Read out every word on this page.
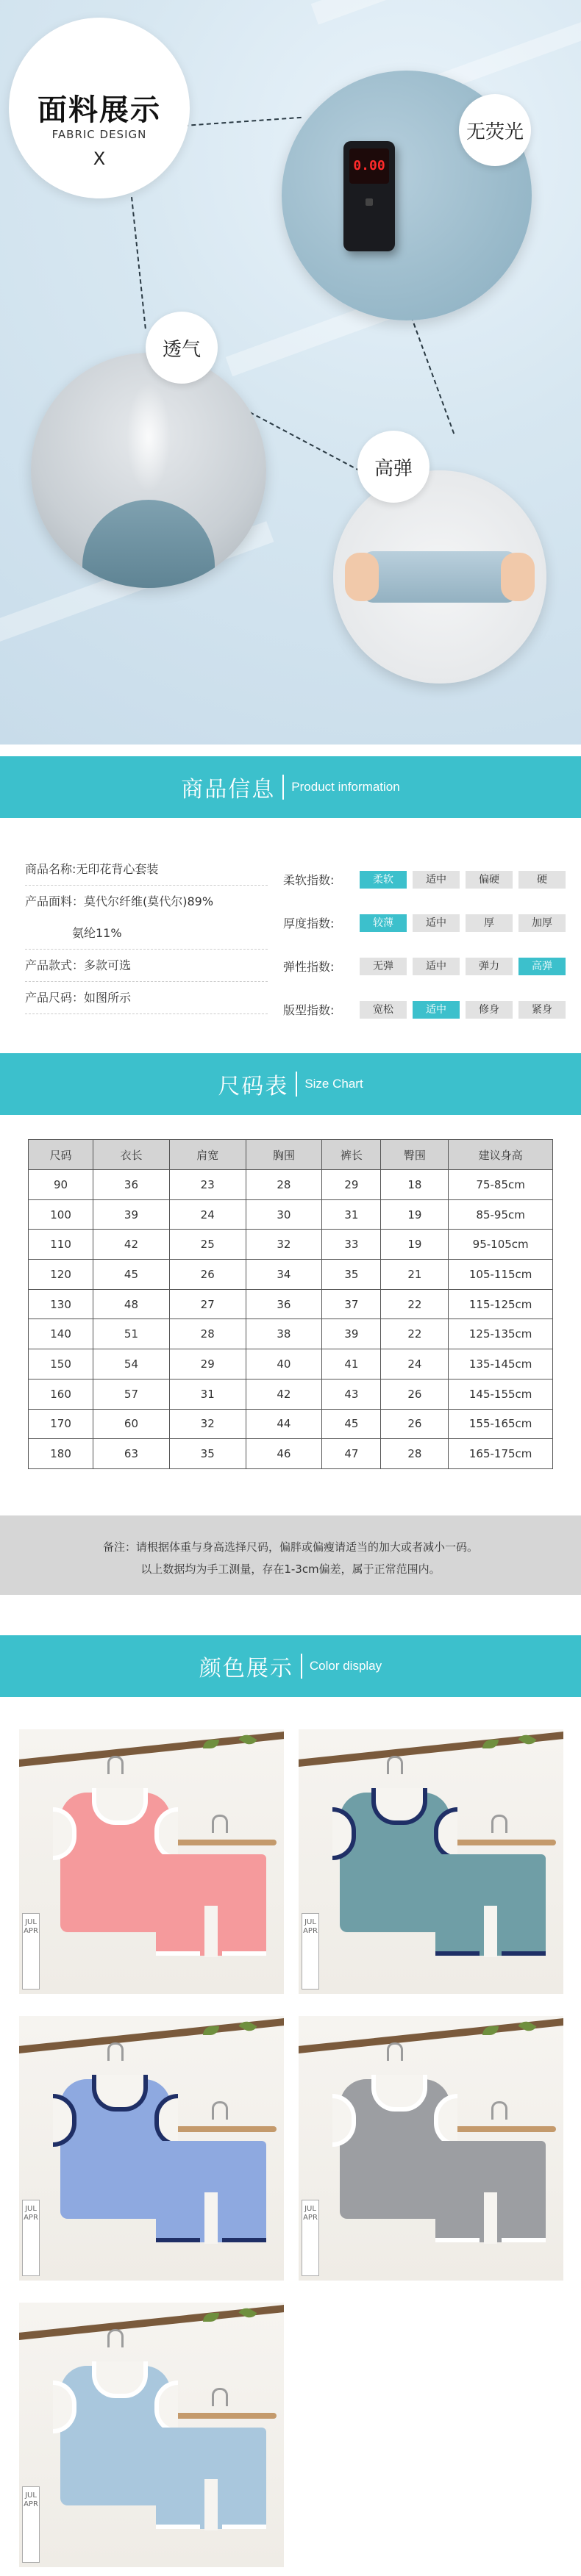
面料展示
FABRIC DESIGN
X	0.00
无荧光
透气
高弹
商品信息 Product information
商品名称:无印花背心套装
产品面料：莫代尔纤维(莫代尔)89%
氨纶11%
产品款式：多款可选
产品尺码：如图所示
柔软指数:	柔软	适中	偏硬	硬
厚度指数:	较薄	适中	厚	加厚
弹性指数:	无弹	适中	弹力	高弹
版型指数:	宽松	适中	修身	紧身
尺码表 Size Chart
尺码	衣长	肩宽	胸围	裤长	臀围	建议身高
90	36	23	28	29	18	75-85cm
100	39	24	30	31	19	85-95cm
110	42	25	32	33	19	95-105cm
120	45	26	34	35	21	105-115cm
130	48	27	36	37	22	115-125cm
140	51	28	38	39	22	125-135cm
150	54	29	40	41	24	135-145cm
160	57	31	42	43	26	145-155cm
170	60	32	44	45	26	155-165cm
180	63	35	46	47	28	165-175cm
备注：请根据体重与身高选择尺码，偏胖或偏瘦请适当的加大或者减小一码。
以上数据均为手工测量，存在1-3cm偏差，属于正常范围内。
颜色展示 Color display
JUL APR
JUL APR
JUL APR
JUL APR
JUL APR
